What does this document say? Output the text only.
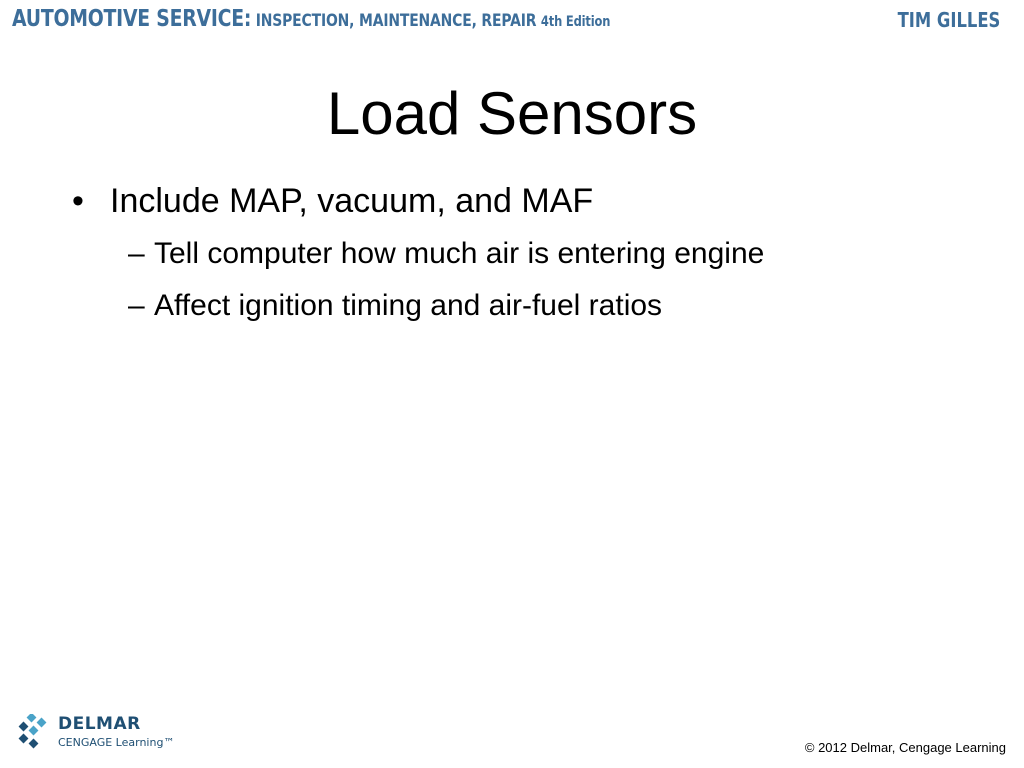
AUTOMOTIVE SERVICE: INSPECTION, MAINTENANCE, REPAIR 4th Edition	TIM GILLES
Load Sensors
• Include MAP, vacuum, and MAF
– Tell computer how much air is entering engine
– Affect ignition timing and air-fuel ratios
DELMAR
CENGAGE Learning™	© 2012 Delmar, Cengage Learning
